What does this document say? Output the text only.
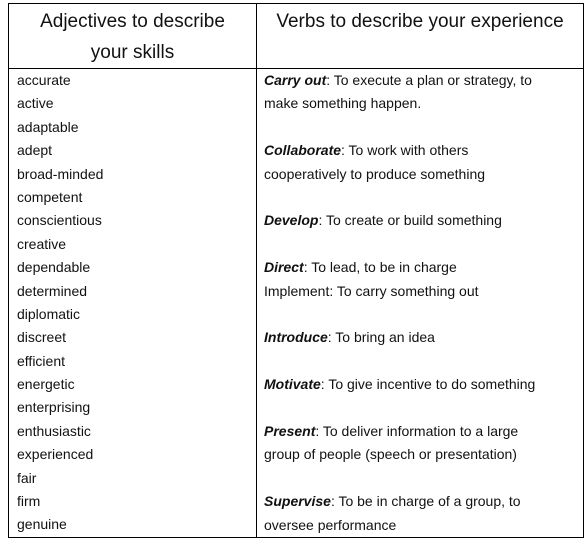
Adjectives to describe
your skills
Verbs to describe your experience
accurate
active
adaptable
adept
broad-minded
competent
conscientious
creative
dependable
determined
diplomatic
discreet
efficient
energetic
enterprising
enthusiastic
experienced
fair
firm
genuine
Carry out: To execute a plan or strategy, to
make something happen.
Collaborate: To work with others
cooperatively to produce something
Develop: To create or build something
Direct: To lead, to be in charge
Implement: To carry something out
Introduce: To bring an idea
Motivate: To give incentive to do something
Present: To deliver information to a large
group of people (speech or presentation)
Supervise: To be in charge of a group, to
oversee performance
